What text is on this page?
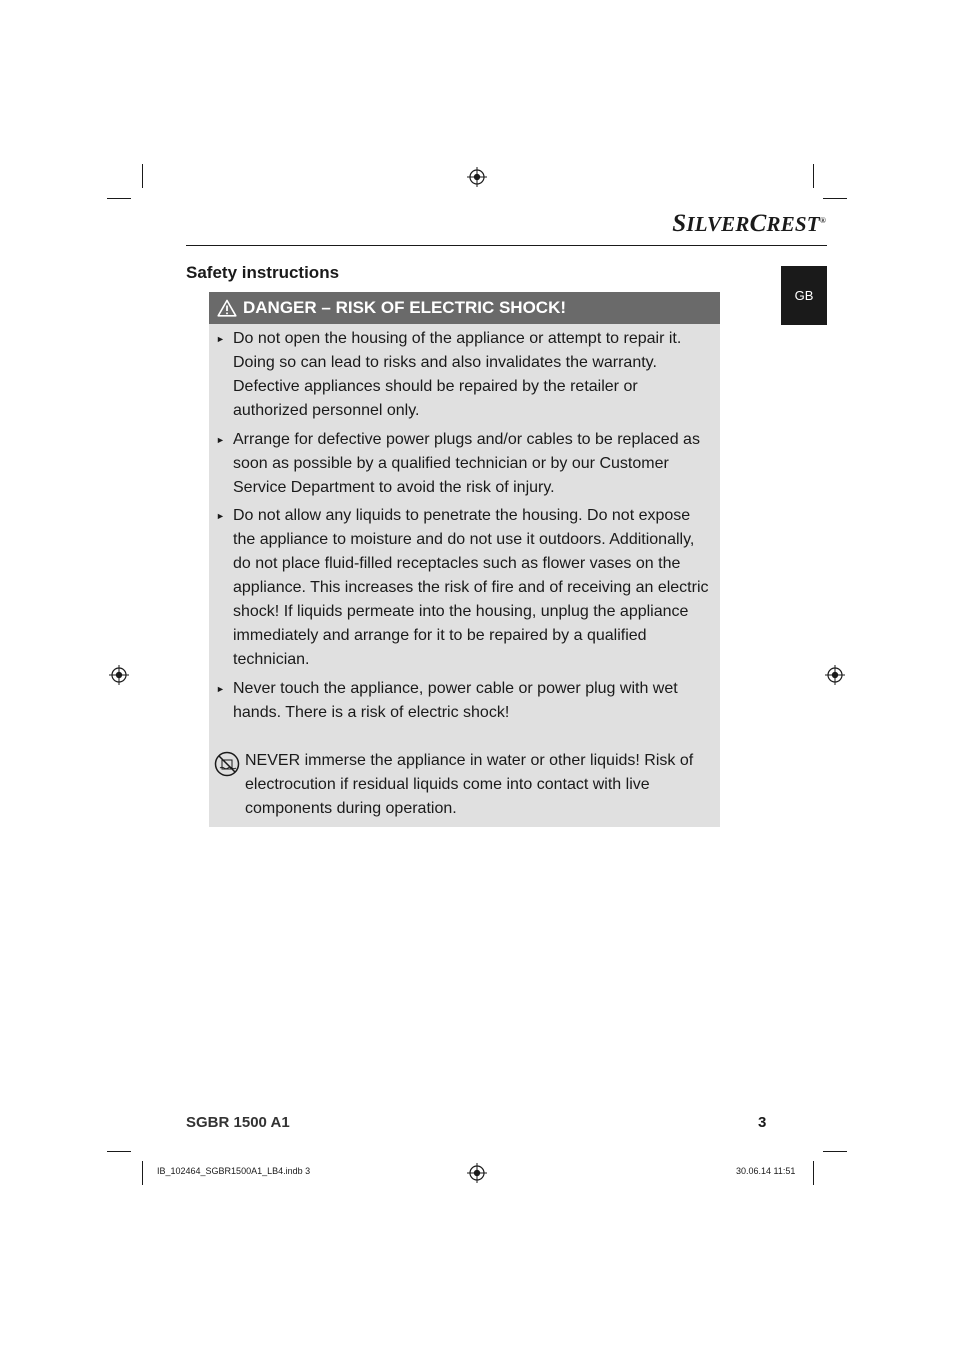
SILVERCREST®
GB
Safety instructions
DANGER – RISK OF ELECTRIC SHOCK!
► Do not open the housing of the appliance or attempt to repair it. Doing so can lead to risks and also invalidates the warranty. Defective appliances should be repaired by the retailer or authorized personnel only.
► Arrange for defective power plugs and/or cables to be replaced as soon as possible by a qualified technician or by our Customer Service Department to avoid the risk of injury.
► Do not allow any liquids to penetrate the housing. Do not expose the appliance to moisture and do not use it outdoors. Additionally, do not place fluid-filled receptacles such as flower vases on the appliance. This increases the risk of fire and of receiving an electric shock! If liquids permeate into the housing, unplug the appliance immediately and arrange for it to be repaired by a qualified technician.
► Never touch the appliance, power cable or power plug with wet hands. There is a risk of electric shock!
NEVER immerse the appliance in water or other liquids! Risk of electrocution if residual liquids come into contact with live components during operation.
SGBR 1500 A1	3
IB_102464_SGBR1500A1_LB4.indb 3	30.06.14 11:51
